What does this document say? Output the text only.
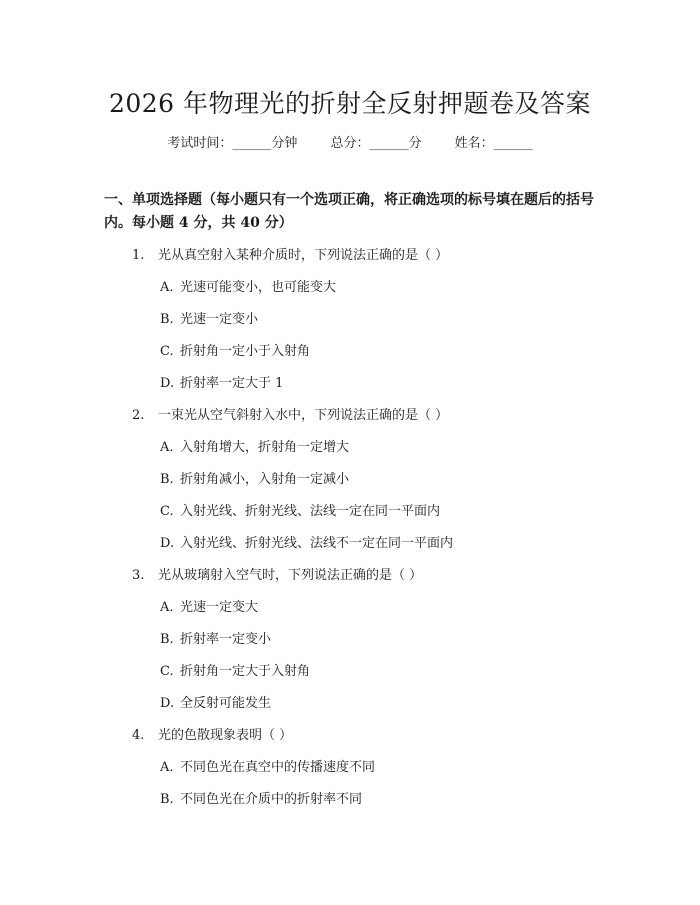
2026 年物理光的折射全反射押题卷及答案
考试时间：______分钟	总分：______分	姓名：______
一、单项选择题（每小题只有一个选项正确，将正确选项的标号填在题后的括号
内。每小题 4 分，共 40 分）
1. 光从真空射入某种介质时，下列说法正确的是（ ）
A. 光速可能变小，也可能变大
B. 光速一定变小
C. 折射角一定小于入射角
D. 折射率一定大于 1
2. 一束光从空气斜射入水中，下列说法正确的是（ ）
A. 入射角增大，折射角一定增大
B. 折射角减小，入射角一定减小
C. 入射光线、折射光线、法线一定在同一平面内
D. 入射光线、折射光线、法线不一定在同一平面内
3. 光从玻璃射入空气时，下列说法正确的是（ ）
A. 光速一定变大
B. 折射率一定变小
C. 折射角一定大于入射角
D. 全反射可能发生
4. 光的色散现象表明（ ）
A. 不同色光在真空中的传播速度不同
B. 不同色光在介质中的折射率不同
